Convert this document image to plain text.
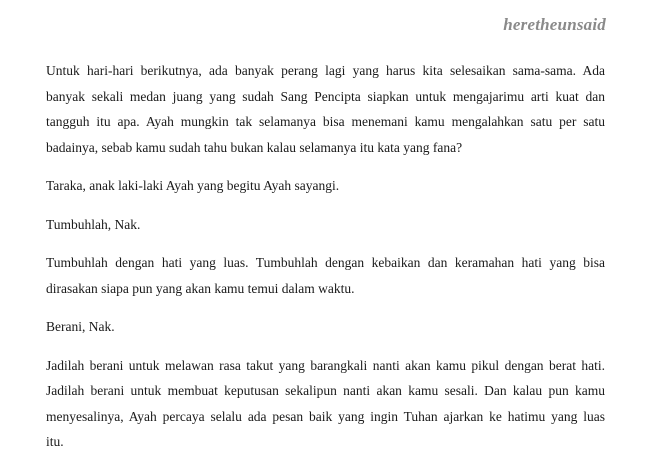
heretheunsaid

Untuk hari-hari berikutnya, ada banyak perang lagi yang harus kita selesaikan sama-sama. Ada
banyak sekali medan juang yang sudah Sang Pencipta siapkan untuk mengajarimu arti kuat dan
tangguh itu apa. Ayah mungkin tak selamanya bisa menemani kamu mengalahkan satu per satu
badainya, sebab kamu sudah tahu bukan kalau selamanya itu kata yang fana?

Taraka, anak laki-laki Ayah yang begitu Ayah sayangi.

Tumbuhlah, Nak.

Tumbuhlah dengan hati yang luas. Tumbuhlah dengan kebaikan dan keramahan hati yang bisa
dirasakan siapa pun yang akan kamu temui dalam waktu.

Berani, Nak.

Jadilah berani untuk melawan rasa takut yang barangkali nanti akan kamu pikul dengan berat hati.
Jadilah berani untuk membuat keputusan sekalipun nanti akan kamu sesali. Dan kalau pun kamu
menyesalinya, Ayah percaya selalu ada pesan baik yang ingin Tuhan ajarkan ke hatimu yang luas
itu.
